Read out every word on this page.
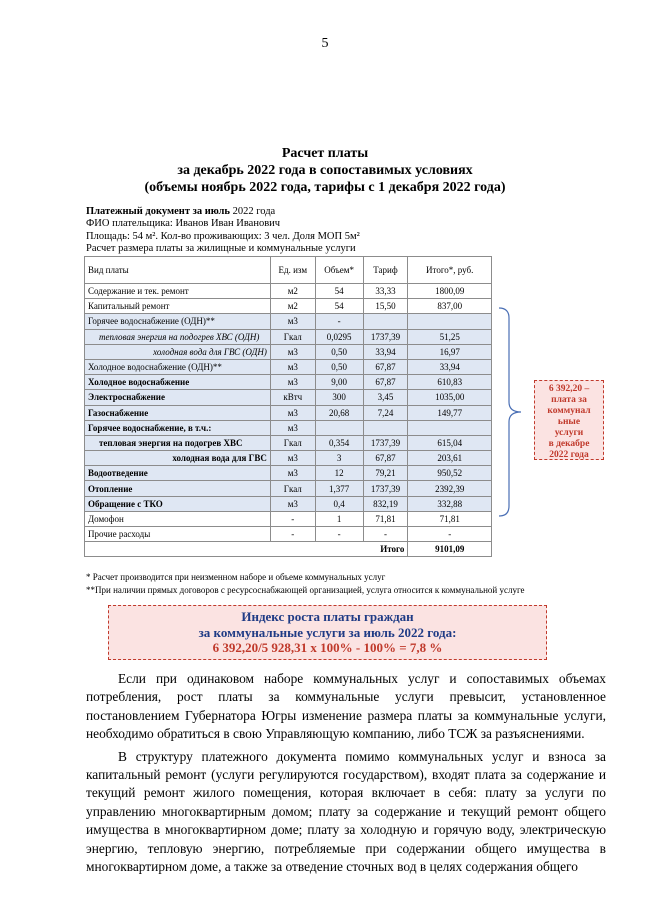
5
Расчет платы
за декабрь 2022 года в сопоставимых условиях
(объемы ноябрь 2022 года, тарифы с 1 декабря 2022 года)
Платежный документ за июль 2022 года
ФИО плательщика: Иванов Иван Иванович
Площадь: 54 м². Кол-во проживающих: 3 чел. Доля МОП 5м²
Расчет размера платы за жилищные и коммунальные услуги
Вид платы	Ед. изм	Объем*	Тариф	Итого*, руб.
Содержание и тек. ремонт	м2	54	33,33	1800,09
Капитальный ремонт	м2	54	15,50	837,00
Горячее водоснабжение (ОДН)**	м3	-		
тепловая энергия на подогрев ХВС (ОДН)	Гкал	0,0295	1737,39	51,25
холодная вода для ГВС (ОДН)	м3	0,50	33,94	16,97
Холодное водоснабжение (ОДН)**	м3	0,50	67,87	33,94
Холодное водоснабжение	м3	9,00	67,87	610,83
Электроснабжение	кВтч	300	3,45	1035,00
Газоснабжение	м3	20,68	7,24	149,77
Горячее водоснабжение, в т.ч.:	м3			
тепловая энергия на подогрев ХВС	Гкал	0,354	1737,39	615,04
холодная вода для ГВС	м3	3	67,87	203,61
Водоотведение	м3	12	79,21	950,52
Отопление	Гкал	1,377	1737,39	2392,39
Обращение с ТКО	м3	0,4	832,19	332,88
Домофон	-	1	71,81	71,81
Прочие расходы	-	-	-	-
Итого				9101,09
6 392,20 –
плата за
коммунал
ьные
услуги
в декабре
2022 года
* Расчет производится при неизменном наборе и объеме коммунальных услуг
**При наличии прямых договоров с ресурсоснабжающей организацией, услуга относится к коммунальной услуге
Индекс роста платы граждан
за коммунальные услуги за июль 2022 года:
6 392,20/5 928,31 х 100% - 100% = 7,8 %

Если при одинаковом наборе коммунальных услуг и сопоставимых объемах потребления, рост платы за коммунальные услуги превысит, установленное постановлением Губернатора Югры изменение размера платы за коммунальные услуги, необходимо обратиться в свою Управляющую компанию, либо ТСЖ за разъяснениями.

В структуру платежного документа помимо коммунальных услуг и взноса за капитальный ремонт (услуги регулируются государством), входят плата за содержание и текущий ремонт жилого помещения, которая включает в себя: плату за услуги по управлению многоквартирным домом; плату за содержание и текущий ремонт общего имущества в многоквартирном доме; плату за холодную и горячую воду, электрическую энергию, тепловую энергию, потребляемые при содержании общего имущества в многоквартирном доме, а также за отведение сточных вод в целях содержания общего
